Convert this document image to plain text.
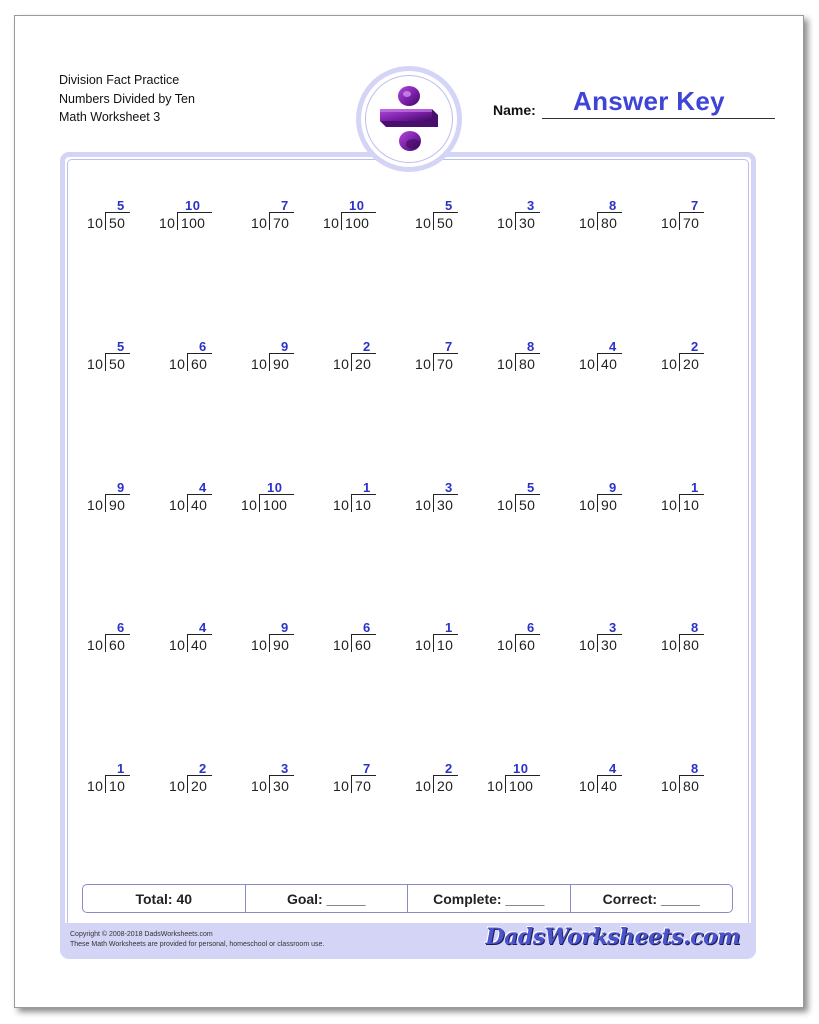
Division Fact Practice
Numbers Divided by Ten
Math Worksheet 3	Name: Answer Key
10 50
5
10 100
10
10 70
7
10 100
10
10 50
5
10 30
3
10 80
8
10 70
7
10 50
5
10 60
6
10 90
9
10 20
2
10 70
7
10 80
8
10 40
4
10 20
2
10 90
9
10 40
4
10 100
10
10 10
1
10 30
3
10 50
5
10 90
9
10 10
1
10 60
6
10 40
4
10 90
9
10 60
6
10 10
1
10 60
6
10 30
3
10 80
8
10 10
1
10 20
2
10 30
3
10 70
7
10 20
2
10 100
10
10 40
4
10 80
8
Total: 40	Goal: _____	Complete: _____	Correct: _____
Copyright © 2008-2018 DadsWorksheets.com
These Math Worksheets are provided for personal, homeschool or classroom use.	DadsWorksheets.com
